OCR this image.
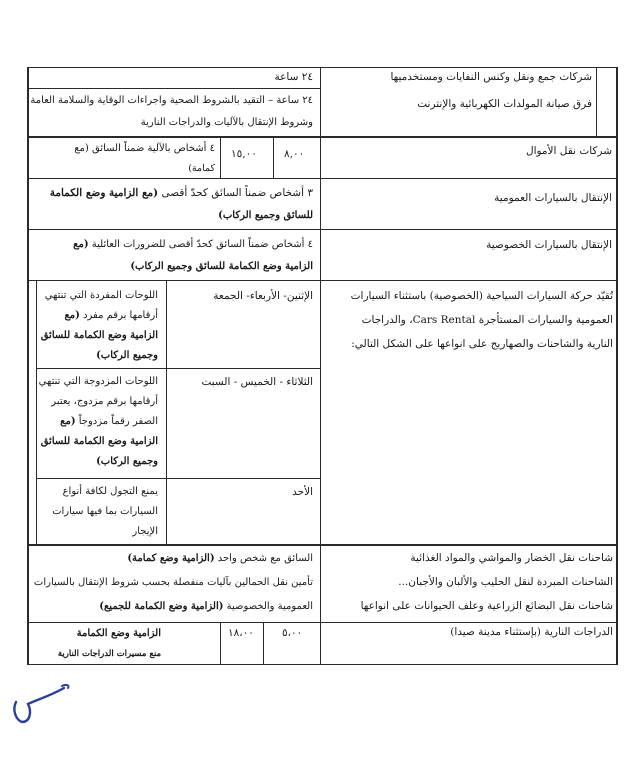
شركات جمع ونقل وكنس النفايات ومستخدميها
٢٤ ساعة
فرق صيانة المولدات الكهربائية والإنترنت
٢٤ ساعة – التقيد بالشروط الصحية واجراءات الوقاية والسلامة العامة
وشروط الإنتقال بالآليات والدراجات النارية
شركات نقل الأموال
٨,٠٠
١٥,٠٠
٤ أشخاص بالآلية ضمناً السائق (مع
كمامة)
الإنتقال بالسيارات العمومية
٣ أشخاص ضمناً السائق كحدّ أقصى (مع الزامية وضع الكمامة
للسائق وجميع الركاب)
الإنتقال بالسيارات الخصوصية
٤ أشخاص ضمناً السائق كحدّ أقصى للضرورات العائلية (مع
الزامية وضع الكمامة للسائق وجميع الركاب)
تُقيّد حركة السيارات السياحية (الخصوصية) باستثناء السيارات العمومية والسيارات المستأجرة Cars Rental، والدراجات النارية والشاحنات والصهاريج على انواعها على الشكل التالي:
الإثنين- الأربعاء- الجمعة
اللوحات المفردة التي تنتهي أرقامها برقم مفرد (مع الزامية وضع الكمامة للسائق وجميع الركاب)
الثلاثاء - الخميس - السبت
اللوحات المزدوجة التي تنتهي أرقامها برقم مزدوج، يعتبر الصفر رقماً مزدوجاً (مع الزامية وضع الكمامة للسائق وجميع الركاب)
الأحد
يمنع التجول لكافة أنواع السيارات بما فيها سيارات الإيجار
شاحنات نقل الخضار والمواشي والمواد الغذائية
الشاحنات المبردة لنقل الحليب والألبان والأجبان...
شاحنات نقل البضائع الزراعية وعلف الحيوانات على انواعها
السائق مع شخص واحد (الزامية وضع كمامة)
تأمين نقل الحمالين بآليات منفصلة بحسب شروط الإنتقال بالسيارات
العمومية والخصوصية (الزامية وضع الكمامة للجميع)
الدراجات النارية (بإستثناء مدينة صيدا)
٥،٠٠
١٨،٠٠
الزامية وضع الكمامة
منع مسيرات الدراجات النارية
